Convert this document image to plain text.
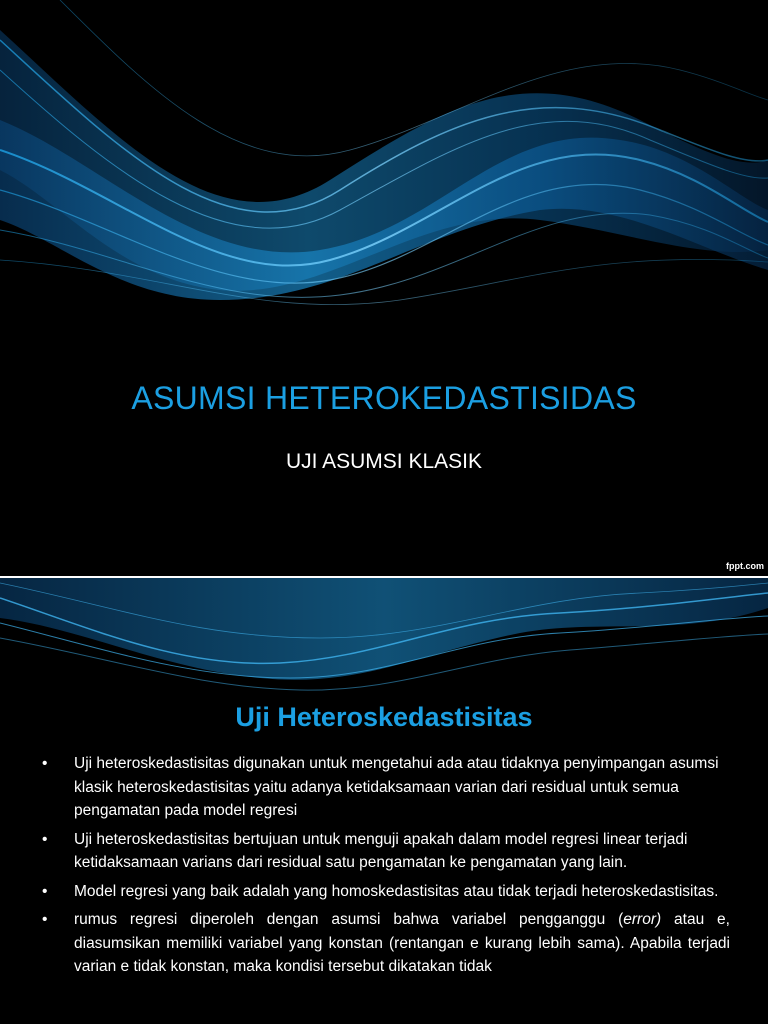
ASUMSI HETEROKEDASTISIDAS
UJI ASUMSI KLASIK
fppt.com
Uji Heteroskedastisitas
• Uji heteroskedastisitas digunakan untuk mengetahui ada atau tidaknya penyimpangan asumsi klasik heteroskedastisitas yaitu adanya ketidaksamaan varian dari residual untuk semua pengamatan pada model regresi
• Uji heteroskedastisitas bertujuan untuk menguji apakah dalam model regresi linear terjadi ketidaksamaan varians dari residual satu pengamatan ke pengamatan yang lain.
• Model regresi yang baik adalah yang homoskedastisitas atau tidak terjadi heteroskedastisitas.
• rumus regresi diperoleh dengan asumsi bahwa variabel pengganggu (error) atau e, diasumsikan memiliki variabel yang konstan (rentangan e kurang lebih sama). Apabila terjadi varian e tidak konstan, maka kondisi tersebut dikatakan tidak
